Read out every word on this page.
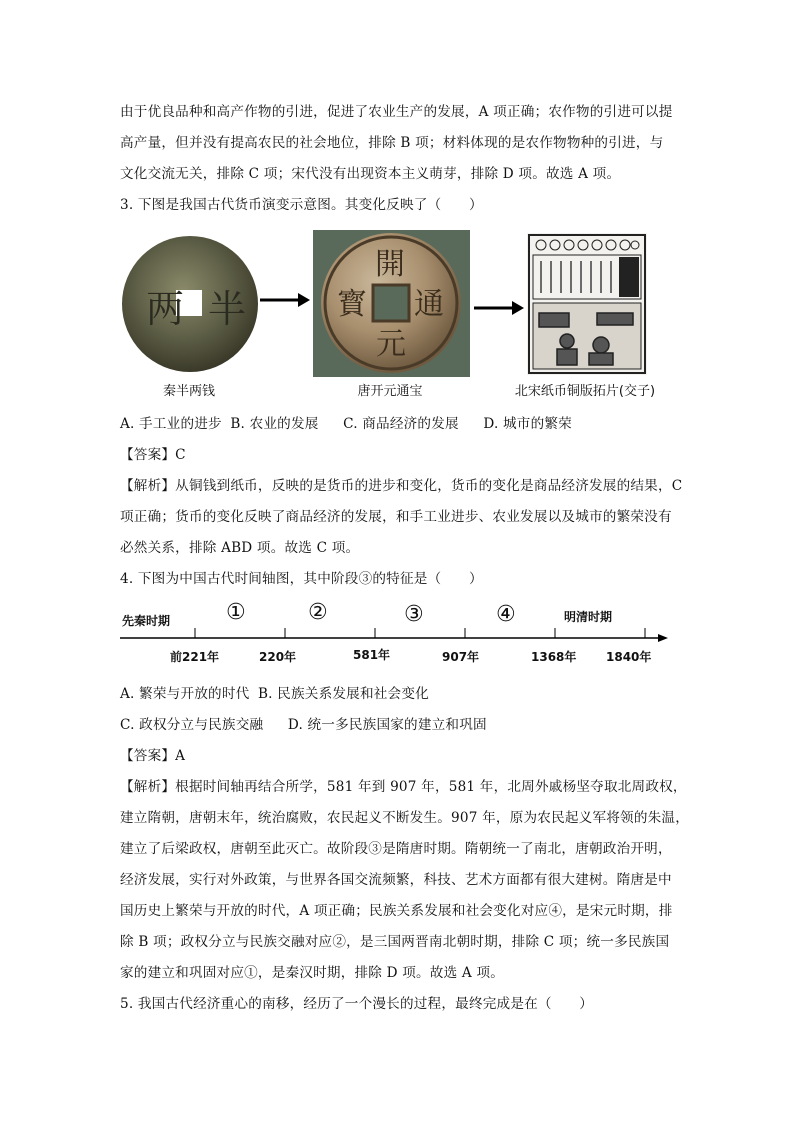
由于优良品种和高产作物的引进，促进了农业生产的发展，A 项正确；农作物的引进可以提
高产量，但并没有提高农民的社会地位，排除 B 项；材料体现的是农作物物种的引进，与
文化交流无关，排除 C 项；宋代没有出现资本主义萌芽，排除 D 项。故选 A 项。
3. 下图是我国古代货币演变示意图。其变化反映了（　　）
两 半
開
通
元
寳
秦半两钱	唐开元通宝	北宋纸币铜版拓片(交子)
A. 手工业的进步 B. 农业的发展 C. 商品经济的发展 D. 城市的繁荣
【答案】C
【解析】从铜钱到纸币，反映的是货币的进步和变化，货币的变化是商品经济发展的结果，C
项正确；货币的变化反映了商品经济的发展，和手工业进步、农业发展以及城市的繁荣没有
必然关系，排除 ABD 项。故选 C 项。
4. 下图为中国古代时间轴图，其中阶段③的特征是（　　）
先秦时期	明清时期
①	②	③	④
前221年	220年	581年	907年	1368年 1840年
A. 繁荣与开放的时代 B. 民族关系发展和社会变化
C. 政权分立与民族交融 D. 统一多民族国家的建立和巩固
【答案】A
【解析】根据时间轴再结合所学，581 年到 907 年，581 年，北周外戚杨坚夺取北周政权，
建立隋朝，唐朝末年，统治腐败，农民起义不断发生。907 年，原为农民起义军将领的朱温，
建立了后梁政权，唐朝至此灭亡。故阶段③是隋唐时期。隋朝统一了南北，唐朝政治开明，
经济发展，实行对外政策，与世界各国交流频繁，科技、艺术方面都有很大建树。隋唐是中
国历史上繁荣与开放的时代，A 项正确；民族关系发展和社会变化对应④，是宋元时期，排
除 B 项；政权分立与民族交融对应②，是三国两晋南北朝时期，排除 C 项；统一多民族国
家的建立和巩固对应①，是秦汉时期，排除 D 项。故选 A 项。
5. 我国古代经济重心的南移，经历了一个漫长的过程，最终完成是在（　　）
